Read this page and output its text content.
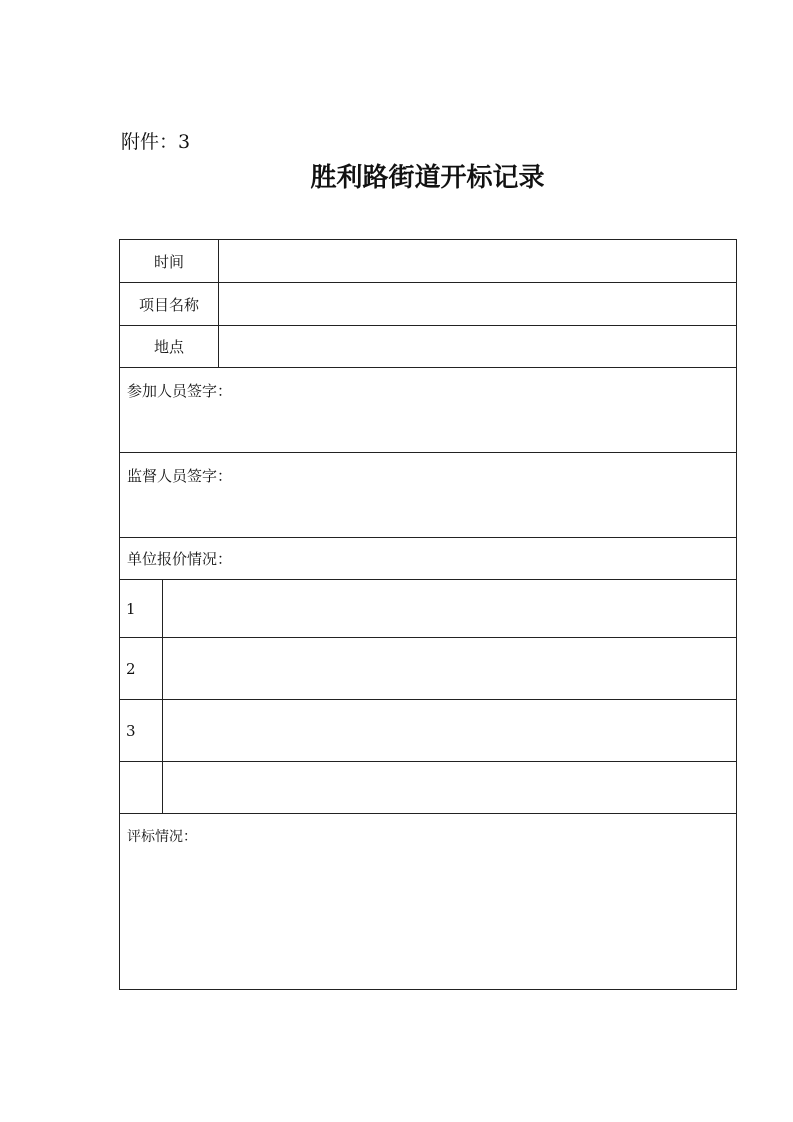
附件：3
胜利路街道开标记录
时间		
项目名称		
地点		
参加人员签字：		
监督人员签字：		
单位报价情况：		
1		
2		
3		

评标情况：		
